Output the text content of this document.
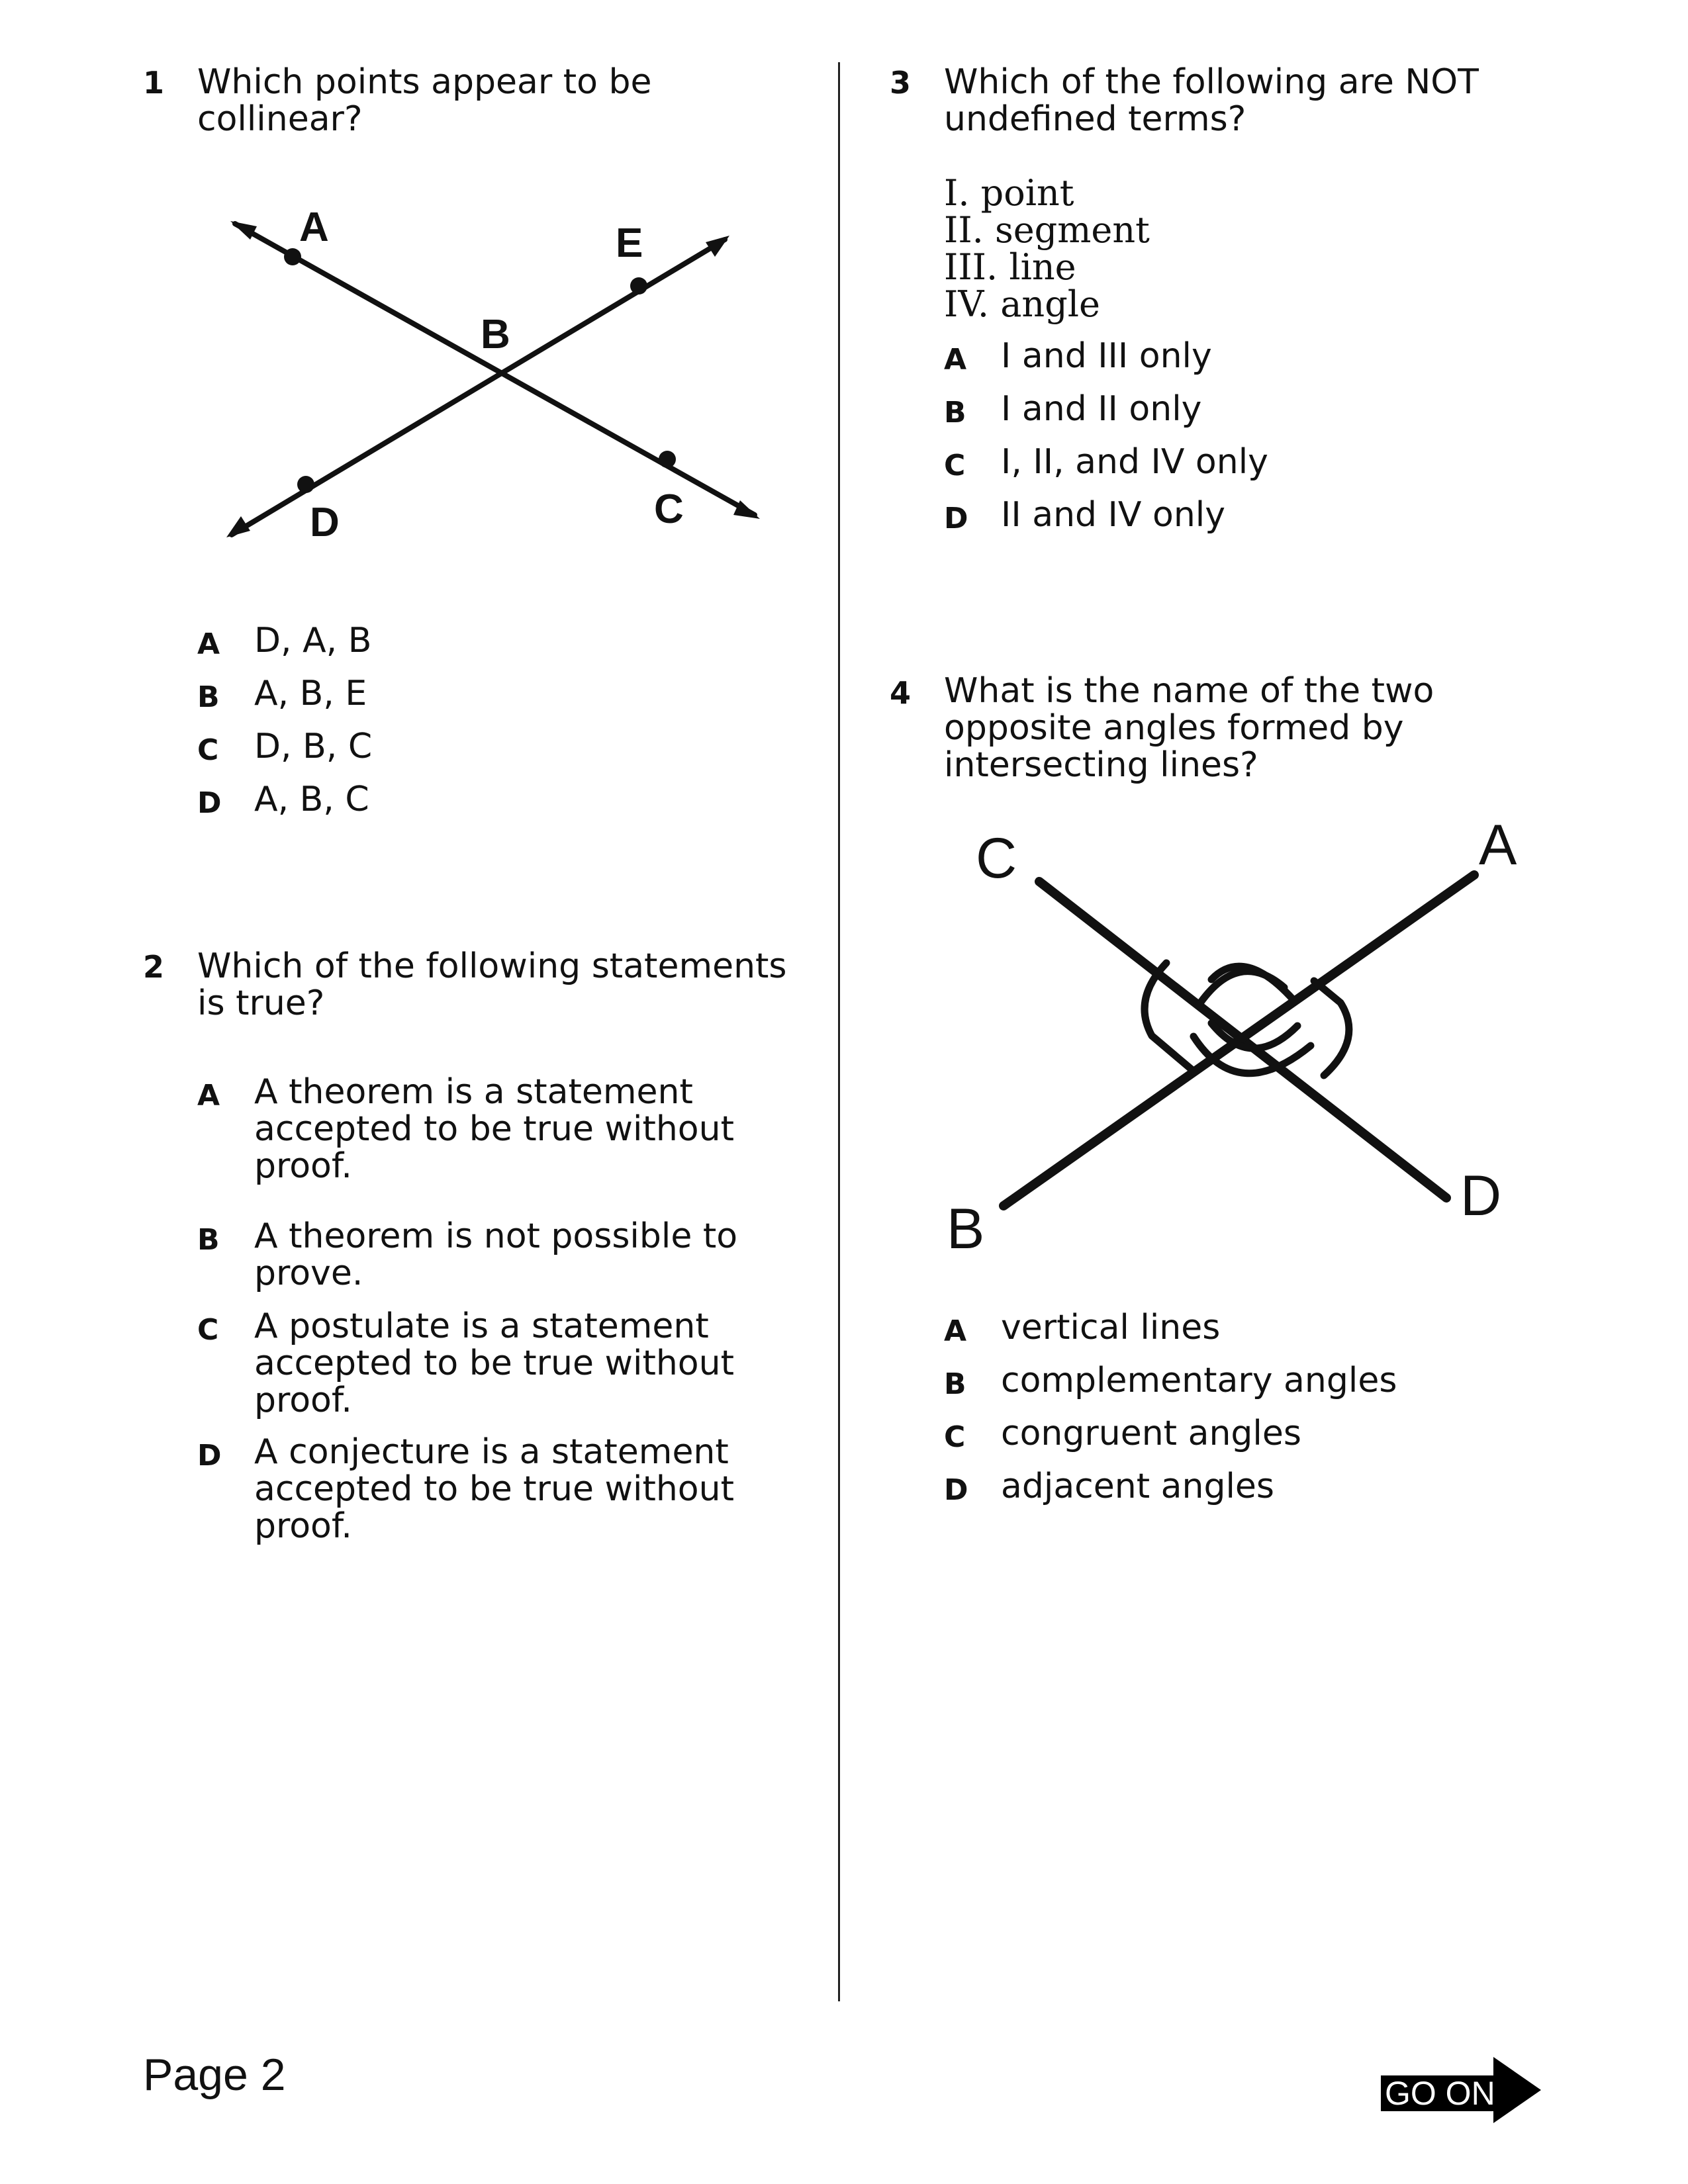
1 Which points appear to be
collinear?
A	E
B
D	C
A D, A, B
B	A, B, E
C	D, B, C
D A, B, C
2 Which of the following statements
is true?
A A theorem is a statement
accepted to be true without
proof.
B	A theorem is not possible to
prove.
C	A postulate is a statement
accepted to be true without
proof.
D A conjecture is a statement
accepted to be true without
proof.
3 Which of the following are NOT
undefined terms?
I. point
II. segment
III. line
IV. angle
A I and III only
B	I and II only
C	I, II, and IV only
D II and IV only
4 What is the name of the two
opposite angles formed by
intersecting lines?
C	A
B
D
A vertical lines
B	complementary angles
C	congruent angles
D adjacent angles
Page 2	GO ON
